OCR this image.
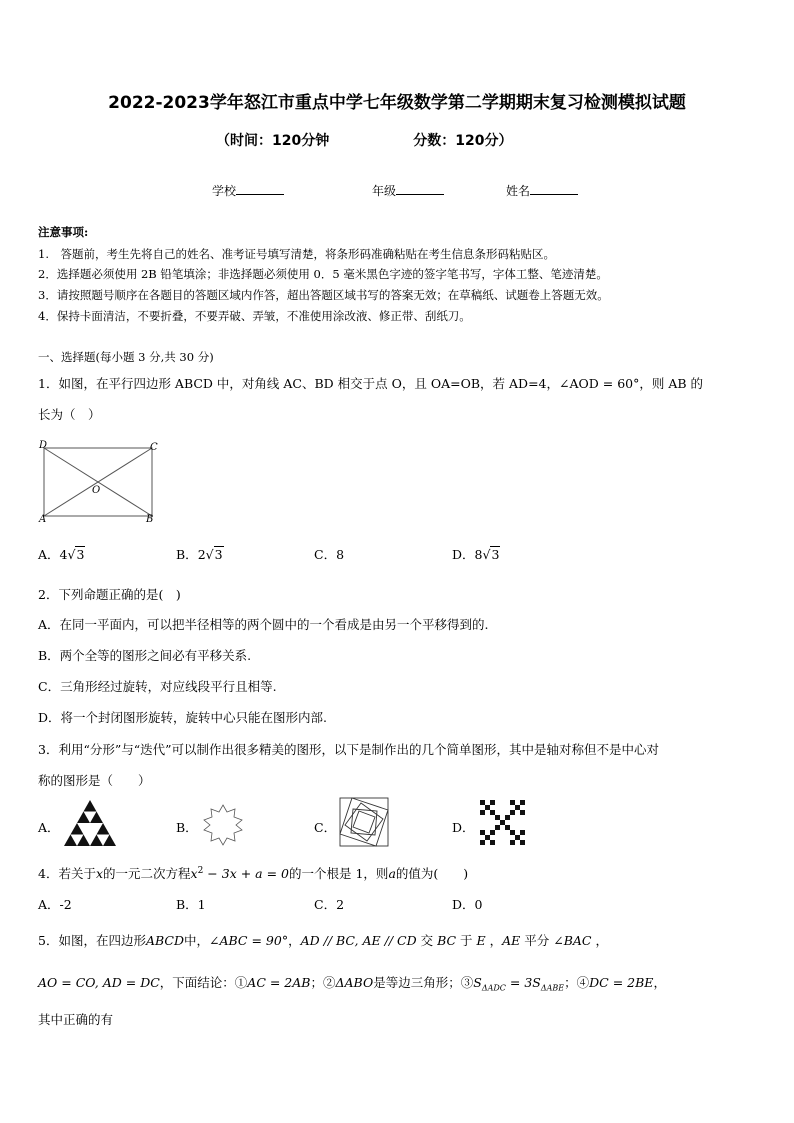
2022-2023学年怒江市重点中学七年级数学第二学期期末复习检测模拟试题
（时间：120分钟　　　　　　分数：120分）
学校	年级	姓名
注意事项:
1.　答题前，考生先将自己的姓名、准考证号填写清楚，将条形码准确粘贴在考生信息条形码粘贴区。
2．选择题必须使用 2B 铅笔填涂；非选择题必须使用 0．5 毫米黑色字迹的签字笔书写，字体工整、笔迹清楚。
3．请按照题号顺序在各题目的答题区域内作答，超出答题区域书写的答案无效；在草稿纸、试题卷上答题无效。
4．保持卡面清洁，不要折叠，不要弄破、弄皱，不准使用涂改液、修正带、刮纸刀。
一、选择题(每小题 3 分,共 30 分)
1．如图，在平行四边形 ABCD 中，对角线 AC、BD 相交于点 O，且 OA=OB，若 AD=4，∠AOD = 60°，则 AB 的
长为（　）
D	C
O
A	B
A．4√3	B．2√3	C．8	D．8√3
2．下列命题正确的是(　)
A．在同一平面内，可以把半径相等的两个圆中的一个看成是由另一个平移得到的.
B．两个全等的图形之间必有平移关系.
C．三角形经过旋转，对应线段平行且相等.
D．将一个封闭图形旋转，旋转中心只能在图形内部.
3．利用“分形”与“迭代”可以制作出很多精美的图形，以下是制作出的几个简单图形，其中是轴对称但不是中心对
称的图形是（　　）
A．	B．	C．	D．
4．若关于x的一元二次方程$x^2 - 3x + a = 0$的一个根是 1，则a的值为(　　)
A．-2	B．1	C．2	D．0
5．如图，在四边形ABCD中，∠ABC = 90°，AD // BC, AE // CD 交 BC 于 E ，AE 平分 ∠BAC ，
AO = CO, AD = DC，下面结论：①AC = 2AB；②ΔABO是等边三角形；$③S_{\Delta ADC} = 3S_{\Delta ABE}$；④DC = 2BE，
其中正确的有
